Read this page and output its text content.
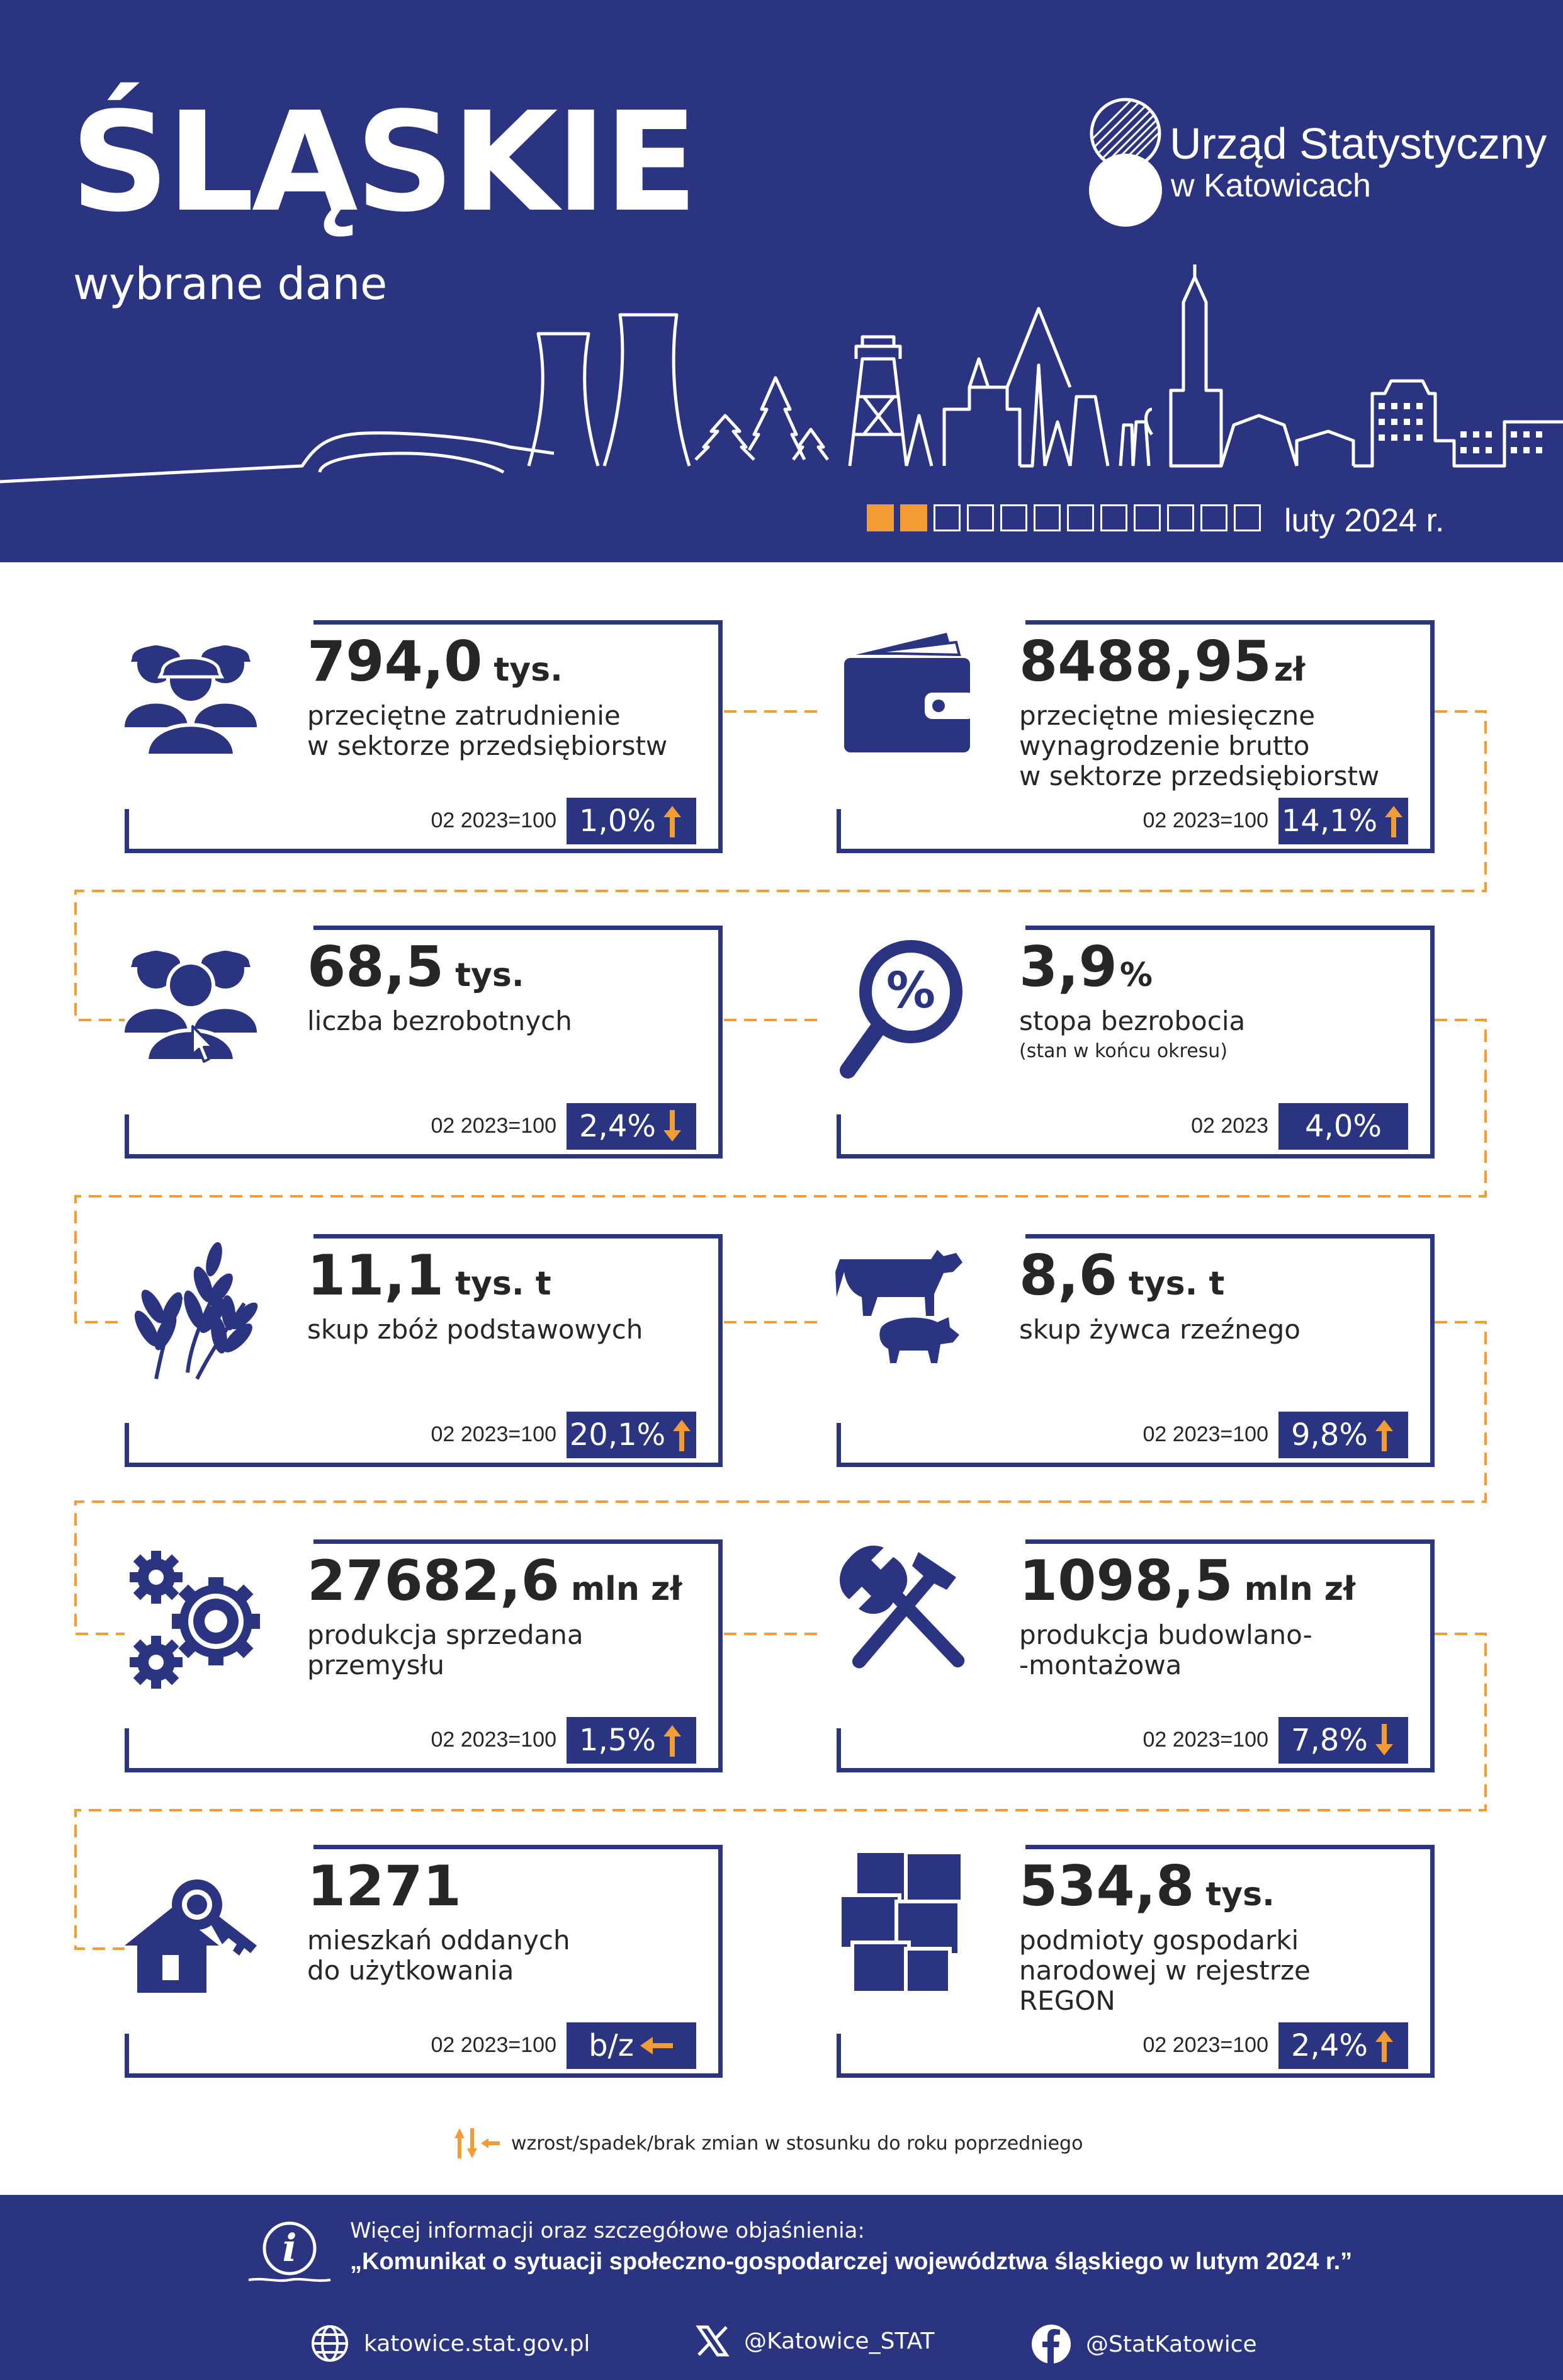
ŚLĄSKIE
wybrane dane
Urząd Statystyczny
w Katowicach
luty 2024 r.
794,0 tys.
przeciętne zatrudnienie
w sektorze przedsiębiorstw
02 2023=100 1,0%
8488,95zł
przeciętne miesięczne
wynagrodzenie brutto
w sektorze przedsiębiorstw
02 2023=100 14,1%
68,5 tys.
liczba bezrobotnych
02 2023=100 2,4%
% 3,9%
stopa bezrobocia
(stan w końcu okresu)
02 2023 4,0%
11,1 tys. t
skup zbóż podstawowych
02 2023=100 20,1%
8,6 tys. t
skup żywca rzeźnego
02 2023=100 9,8%
27682,6 mln zł
produkcja sprzedana
przemysłu
02 2023=100 1,5%
1098,5 mln zł
produkcja budowlano-
-montażowa
02 2023=100 7,8%
1271
mieszkań oddanych
do użytkowania
02 2023=100 b/z
534,8 tys.
podmioty gospodarki
narodowej w rejestrze
REGON
02 2023=100 2,4%
wzrost/spadek/brak zmian w stosunku do roku poprzedniego
i Więcej informacji oraz szczegółowe objaśnienia:
„Komunikat o sytuacji społeczno-gospodarczej województwa śląskiego w lutym 2024 r.”
katowice.stat.gov.pl	@Katowice_STAT	@StatKatowice
